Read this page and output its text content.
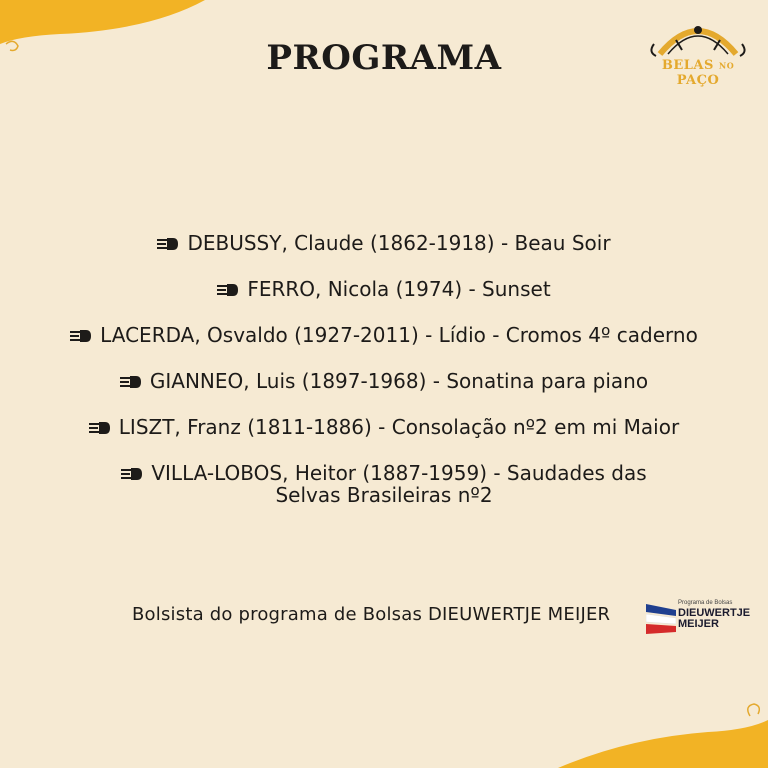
PROGRAMA	BELAS NO PAÇO
DEBUSSY, Claude (1862-1918) - Beau Soir
FERRO, Nicola (1974) - Sunset
LACERDA, Osvaldo (1927-2011) - Lídio - Cromos 4º caderno
GIANNEO, Luis (1897-1968) - Sonatina para piano
LISZT, Franz (1811-1886) - Consolação nº2 em mi Maior
VILLA-LOBOS, Heitor (1887-1959) - Saudades das Selvas Brasileiras nº2
Bolsista do programa de Bolsas DIEUWERTJE MEIJER
Programa de Bolsas
DIEUWERTJE MEIJER
